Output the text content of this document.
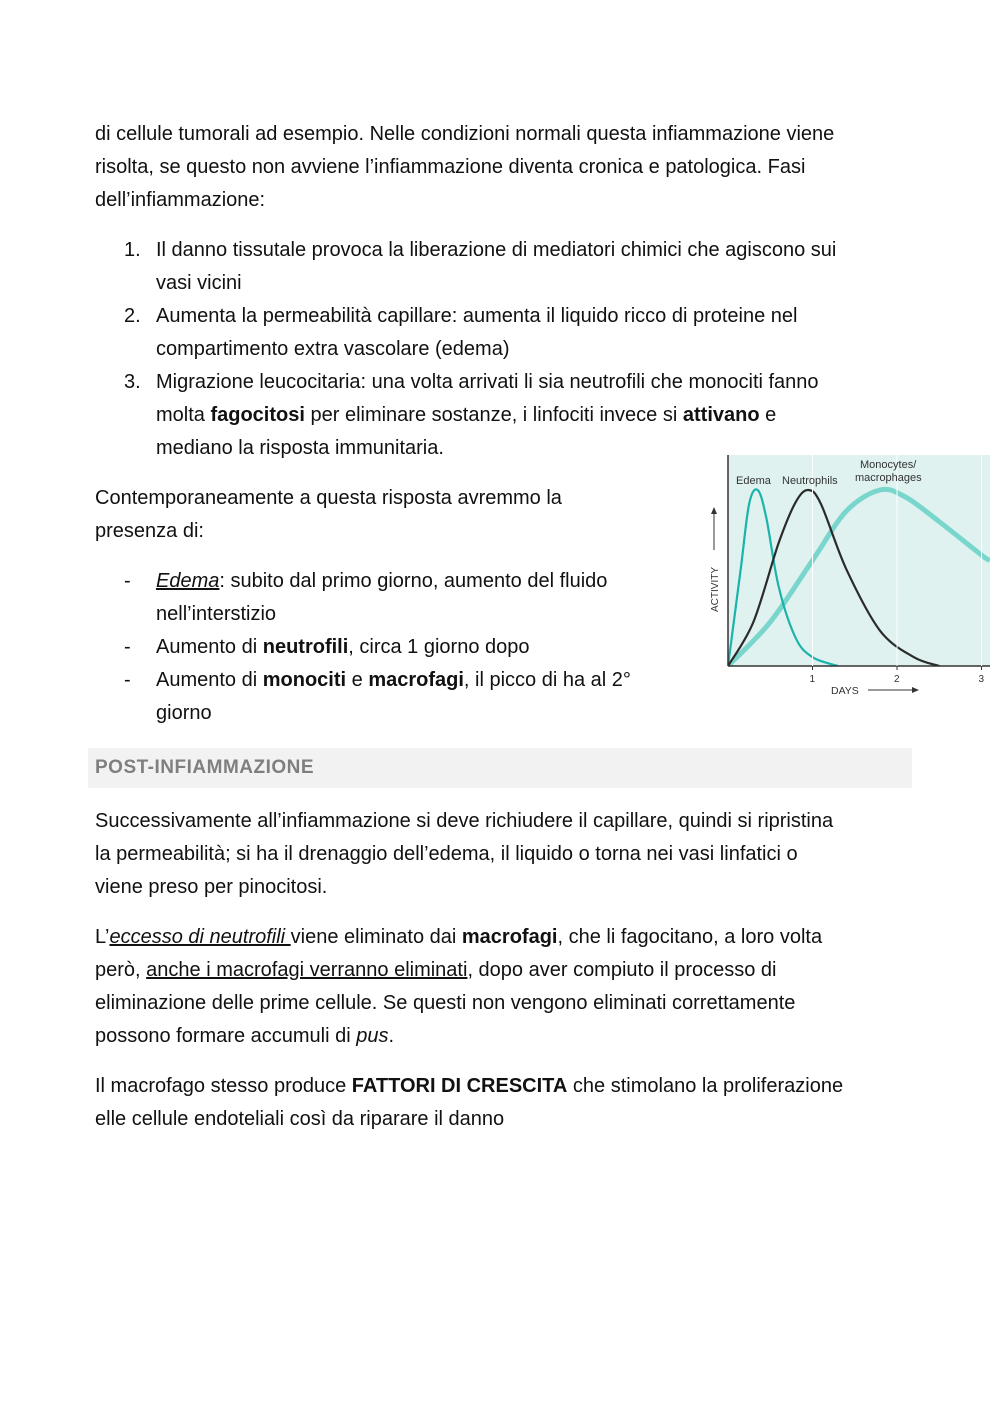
di cellule tumorali ad esempio. Nelle condizioni normali questa infiammazione viene

risolta, se questo non avviene l’infiammazione diventa cronica e patologica. Fasi

dell’infiammazione:

1. Il danno tissutale provoca la liberazione di mediatori chimici che agiscono sui
vasi vicini
2. Aumenta la permeabilità capillare: aumenta il liquido ricco di proteine nel
compartimento extra vascolare (edema)
3. Migrazione leucocitaria: una volta arrivati li sia neutrofili che monociti fanno
molta fagocitosi per eliminare sostanze, i linfociti invece si attivano e
mediano la risposta immunitaria.

Contemporaneamente a questa risposta avremmo la

presenza di:

-	Edema: subito dal primo giorno, aumento del fluido
nell’interstizio
-	Aumento di neutrofili, circa 1 giorno dopo
-	Aumento di monociti e macrofagi, il picco di ha al 2°
giorno
1	2	3
DAYS
ACTIVITY
Edema Neutrophils
Monocytes/ macrophages
POST-INFIAMMAZIONE

Successivamente all’infiammazione si deve richiudere il capillare, quindi si ripristina

la permeabilità; si ha il drenaggio dell’edema, il liquido o torna nei vasi linfatici o

viene preso per pinocitosi.

L’eccesso di neutrofili viene eliminato dai macrofagi, che li fagocitano, a loro volta

però, anche i macrofagi verranno eliminati, dopo aver compiuto il processo di

eliminazione delle prime cellule. Se questi non vengono eliminati correttamente

possono formare accumuli di pus.

Il macrofago stesso produce FATTORI DI CRESCITA che stimolano la proliferazione

elle cellule endoteliali così da riparare il danno
